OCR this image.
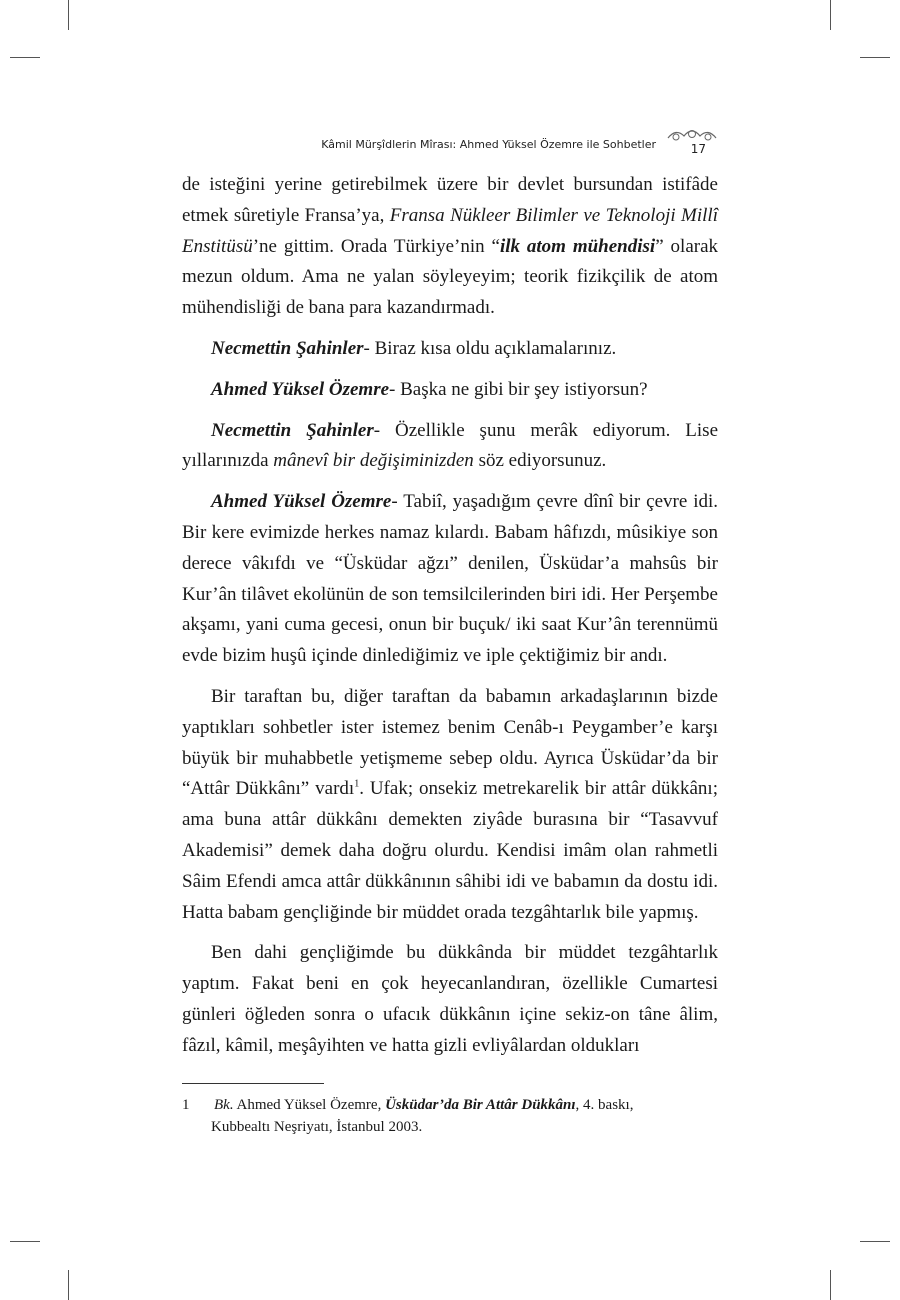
Kâmil Mürşîdlerin Mîrası: Ahmed Yüksel Özemre ile Sohbetler	17

de isteğini yerine getirebilmek üzere bir devlet bursundan istifâde etmek sûretiyle Fransa’ya, Fransa Nükleer Bilimler ve Teknoloji Millî Enstitüsü’ne gittim. Orada Türkiye’nin “ilk atom mühendisi” olarak mezun oldum. Ama ne yalan söyleyeyim; teorik fizikçilik de atom mühendisliği de bana para kazandırmadı.

Necmettin Şahinler- Biraz kısa oldu açıklamalarınız.

Ahmed Yüksel Özemre- Başka ne gibi bir şey istiyorsun?

Necmettin Şahinler- Özellikle şunu merâk ediyorum. Lise yıllarınızda mânevî bir değişiminizden söz ediyorsunuz.

Ahmed Yüksel Özemre- Tabiî, yaşadığım çevre dînî bir çevre idi. Bir kere evimizde herkes namaz kılardı. Babam hâfızdı, mûsikiye son derece vâkıfdı ve “Üsküdar ağzı” denilen, Üsküdar’a mahsûs bir Kur’ân tilâvet ekolünün de son temsilcilerinden biri idi. Her Perşembe akşamı, yani cuma gecesi, onun bir buçuk/ iki saat Kur’ân terennümü evde bizim huşû içinde dinlediğimiz ve iple çektiğimiz bir andı.

Bir taraftan bu, diğer taraftan da babamın arkadaşlarının bizde yaptıkları sohbetler ister istemez benim Cenâb-ı Peygamber’e karşı büyük bir muhabbetle yetişmeme sebep oldu. Ayrıca Üsküdar’da bir “Attâr Dükkânı” vardı$^1$. Ufak; onsekiz metrekarelik bir attâr dükkânı; ama buna attâr dükkânı demekten ziyâde burasına bir “Tasavvuf Akademisi” demek daha doğru olurdu. Kendisi imâm olan rahmetli Sâim Efendi amca attâr dükkânının sâhibi idi ve babamın da dostu idi. Hatta babam gençliğinde bir müddet orada tezgâhtarlık bile yapmış.

Ben dahi gençliğimde bu dükkânda bir müddet tezgâhtarlık yaptım. Fakat beni en çok heyecanlandıran, özellikle Cumartesi günleri öğleden sonra o ufacık dükkânın içine sekiz-on tâne âlim, fâzıl, kâmil, meşâyihten ve hatta gizli evliyâlardan oldukları

1 Bk. Ahmed Yüksel Özemre, Üsküdar’da Bir Attâr Dükkânı, 4. baskı,
Kubbealtı Neşriyatı, İstanbul 2003.
